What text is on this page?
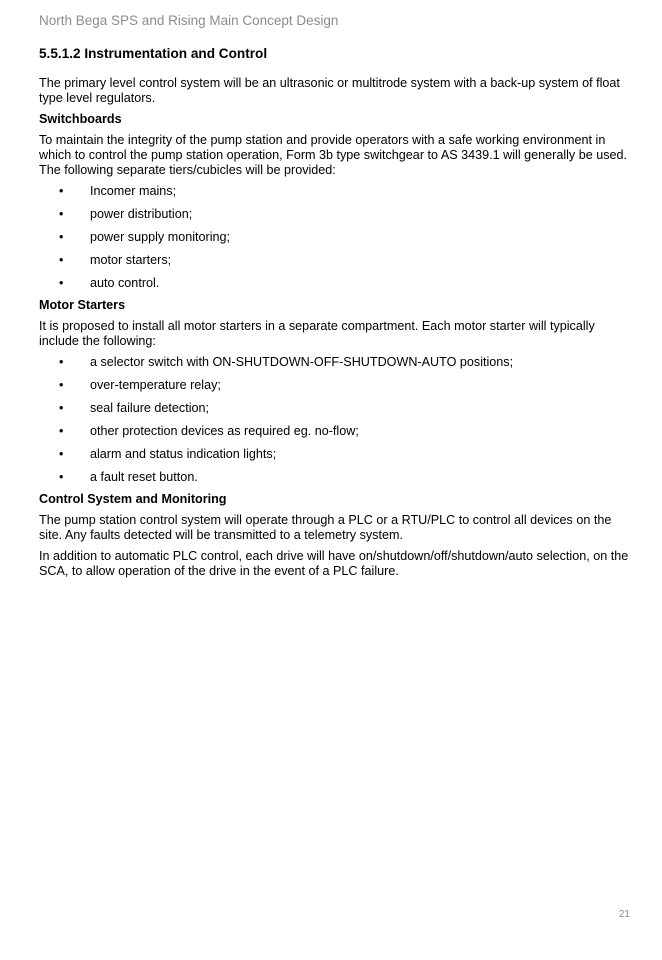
North Bega SPS and Rising Main Concept Design
5.5.1.2 Instrumentation and Control

The primary level control system will be an ultrasonic or multitrode system with a back-up system of float type level regulators.

Switchboards

To maintain the integrity of the pump station and provide operators with a safe working environment in which to control the pump station operation, Form 3b type switchgear to AS 3439.1 will generally be used. The following separate tiers/cubicles will be provided:

• Incomer mains;
• power distribution;
• power supply monitoring;
• motor starters;
• auto control.
Motor Starters

It is proposed to install all motor starters in a separate compartment. Each motor starter will typically include the following:

• a selector switch with ON-SHUTDOWN-OFF-SHUTDOWN-AUTO positions;
• over-temperature relay;
• seal failure detection;
• other protection devices as required eg. no-flow;
• alarm and status indication lights;
• a fault reset button.
Control System and Monitoring

The pump station control system will operate through a PLC or a RTU/PLC to control all devices on the site. Any faults detected will be transmitted to a telemetry system.

In addition to automatic PLC control, each drive will have on/shutdown/off/shutdown/auto selection, on the SCA, to allow operation of the drive in the event of a PLC failure.

21
